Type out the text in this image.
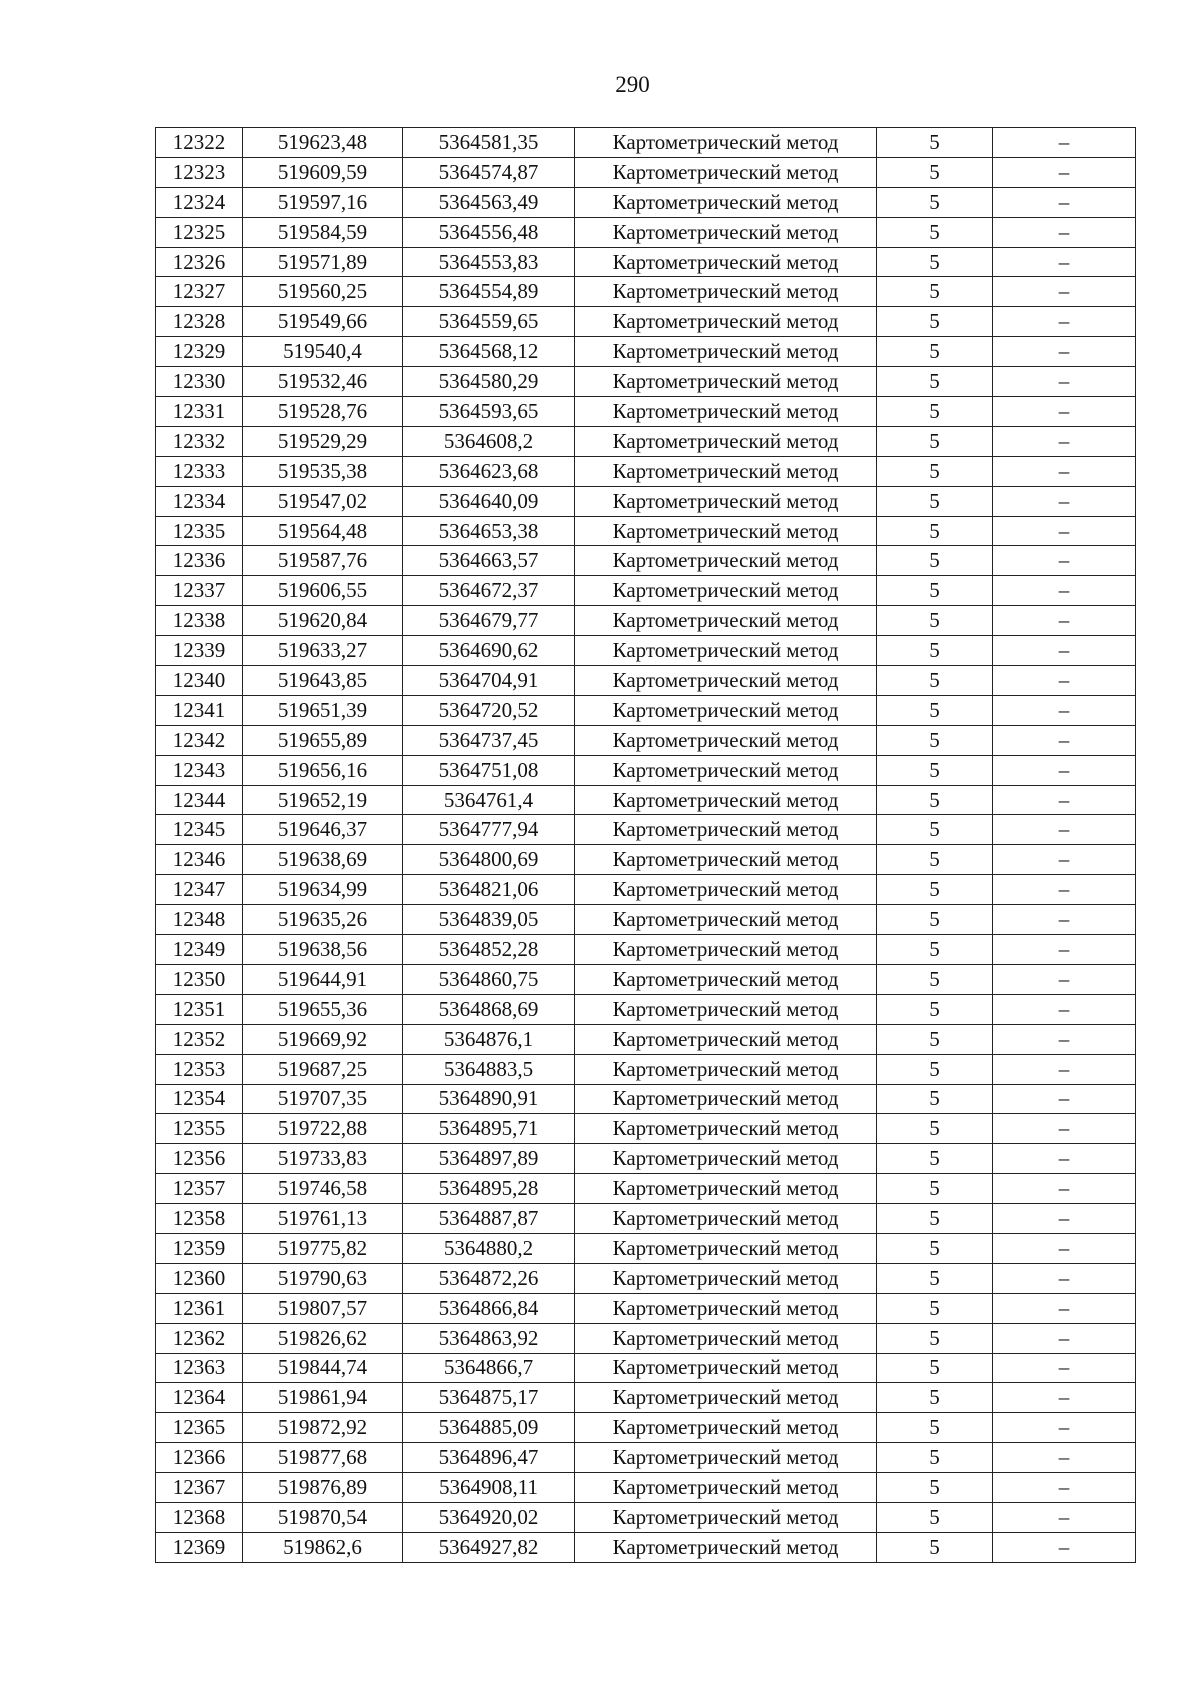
290
12322	519623,48	5364581,35	Картометрический метод	5	–
12323	519609,59	5364574,87	Картометрический метод	5	–
12324	519597,16	5364563,49	Картометрический метод	5	–
12325	519584,59	5364556,48	Картометрический метод	5	–
12326	519571,89	5364553,83	Картометрический метод	5	–
12327	519560,25	5364554,89	Картометрический метод	5	–
12328	519549,66	5364559,65	Картометрический метод	5	–
12329	519540,4	5364568,12	Картометрический метод	5	–
12330	519532,46	5364580,29	Картометрический метод	5	–
12331	519528,76	5364593,65	Картометрический метод	5	–
12332	519529,29	5364608,2	Картометрический метод	5	–
12333	519535,38	5364623,68	Картометрический метод	5	–
12334	519547,02	5364640,09	Картометрический метод	5	–
12335	519564,48	5364653,38	Картометрический метод	5	–
12336	519587,76	5364663,57	Картометрический метод	5	–
12337	519606,55	5364672,37	Картометрический метод	5	–
12338	519620,84	5364679,77	Картометрический метод	5	–
12339	519633,27	5364690,62	Картометрический метод	5	–
12340	519643,85	5364704,91	Картометрический метод	5	–
12341	519651,39	5364720,52	Картометрический метод	5	–
12342	519655,89	5364737,45	Картометрический метод	5	–
12343	519656,16	5364751,08	Картометрический метод	5	–
12344	519652,19	5364761,4	Картометрический метод	5	–
12345	519646,37	5364777,94	Картометрический метод	5	–
12346	519638,69	5364800,69	Картометрический метод	5	–
12347	519634,99	5364821,06	Картометрический метод	5	–
12348	519635,26	5364839,05	Картометрический метод	5	–
12349	519638,56	5364852,28	Картометрический метод	5	–
12350	519644,91	5364860,75	Картометрический метод	5	–
12351	519655,36	5364868,69	Картометрический метод	5	–
12352	519669,92	5364876,1	Картометрический метод	5	–
12353	519687,25	5364883,5	Картометрический метод	5	–
12354	519707,35	5364890,91	Картометрический метод	5	–
12355	519722,88	5364895,71	Картометрический метод	5	–
12356	519733,83	5364897,89	Картометрический метод	5	–
12357	519746,58	5364895,28	Картометрический метод	5	–
12358	519761,13	5364887,87	Картометрический метод	5	–
12359	519775,82	5364880,2	Картометрический метод	5	–
12360	519790,63	5364872,26	Картометрический метод	5	–
12361	519807,57	5364866,84	Картометрический метод	5	–
12362	519826,62	5364863,92	Картометрический метод	5	–
12363	519844,74	5364866,7	Картометрический метод	5	–
12364	519861,94	5364875,17	Картометрический метод	5	–
12365	519872,92	5364885,09	Картометрический метод	5	–
12366	519877,68	5364896,47	Картометрический метод	5	–
12367	519876,89	5364908,11	Картометрический метод	5	–
12368	519870,54	5364920,02	Картометрический метод	5	–
12369	519862,6	5364927,82	Картометрический метод	5	–
